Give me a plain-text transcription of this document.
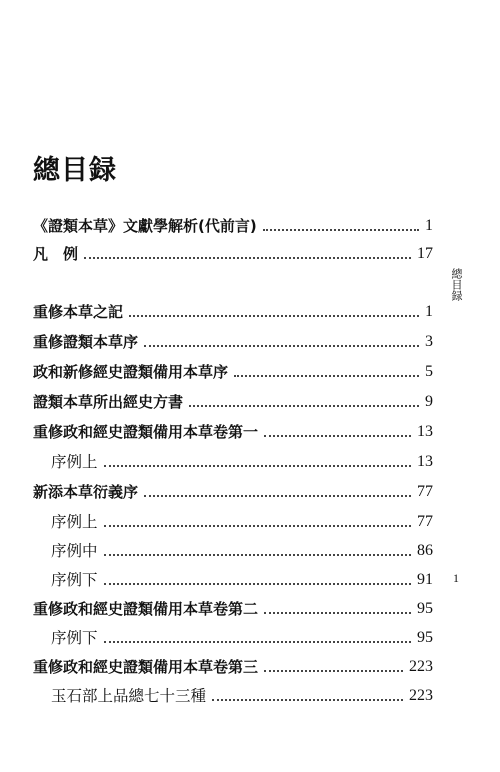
總目録
《證類本草》文獻學解析(代前言)	1
凡　例	17
重修本草之記	1
重修證類本草序	3
政和新修經史證類備用本草序	5
證類本草所出經史方書	9
重修政和經史證類備用本草卷第一	13
序例上	13
新添本草衍義序	77
序例上	77
序例中	86
序例下	91
重修政和經史證類備用本草卷第二	95
序例下	95
重修政和經史證類備用本草卷第三	223
玉石部上品總七十三種	223
總目録
1
